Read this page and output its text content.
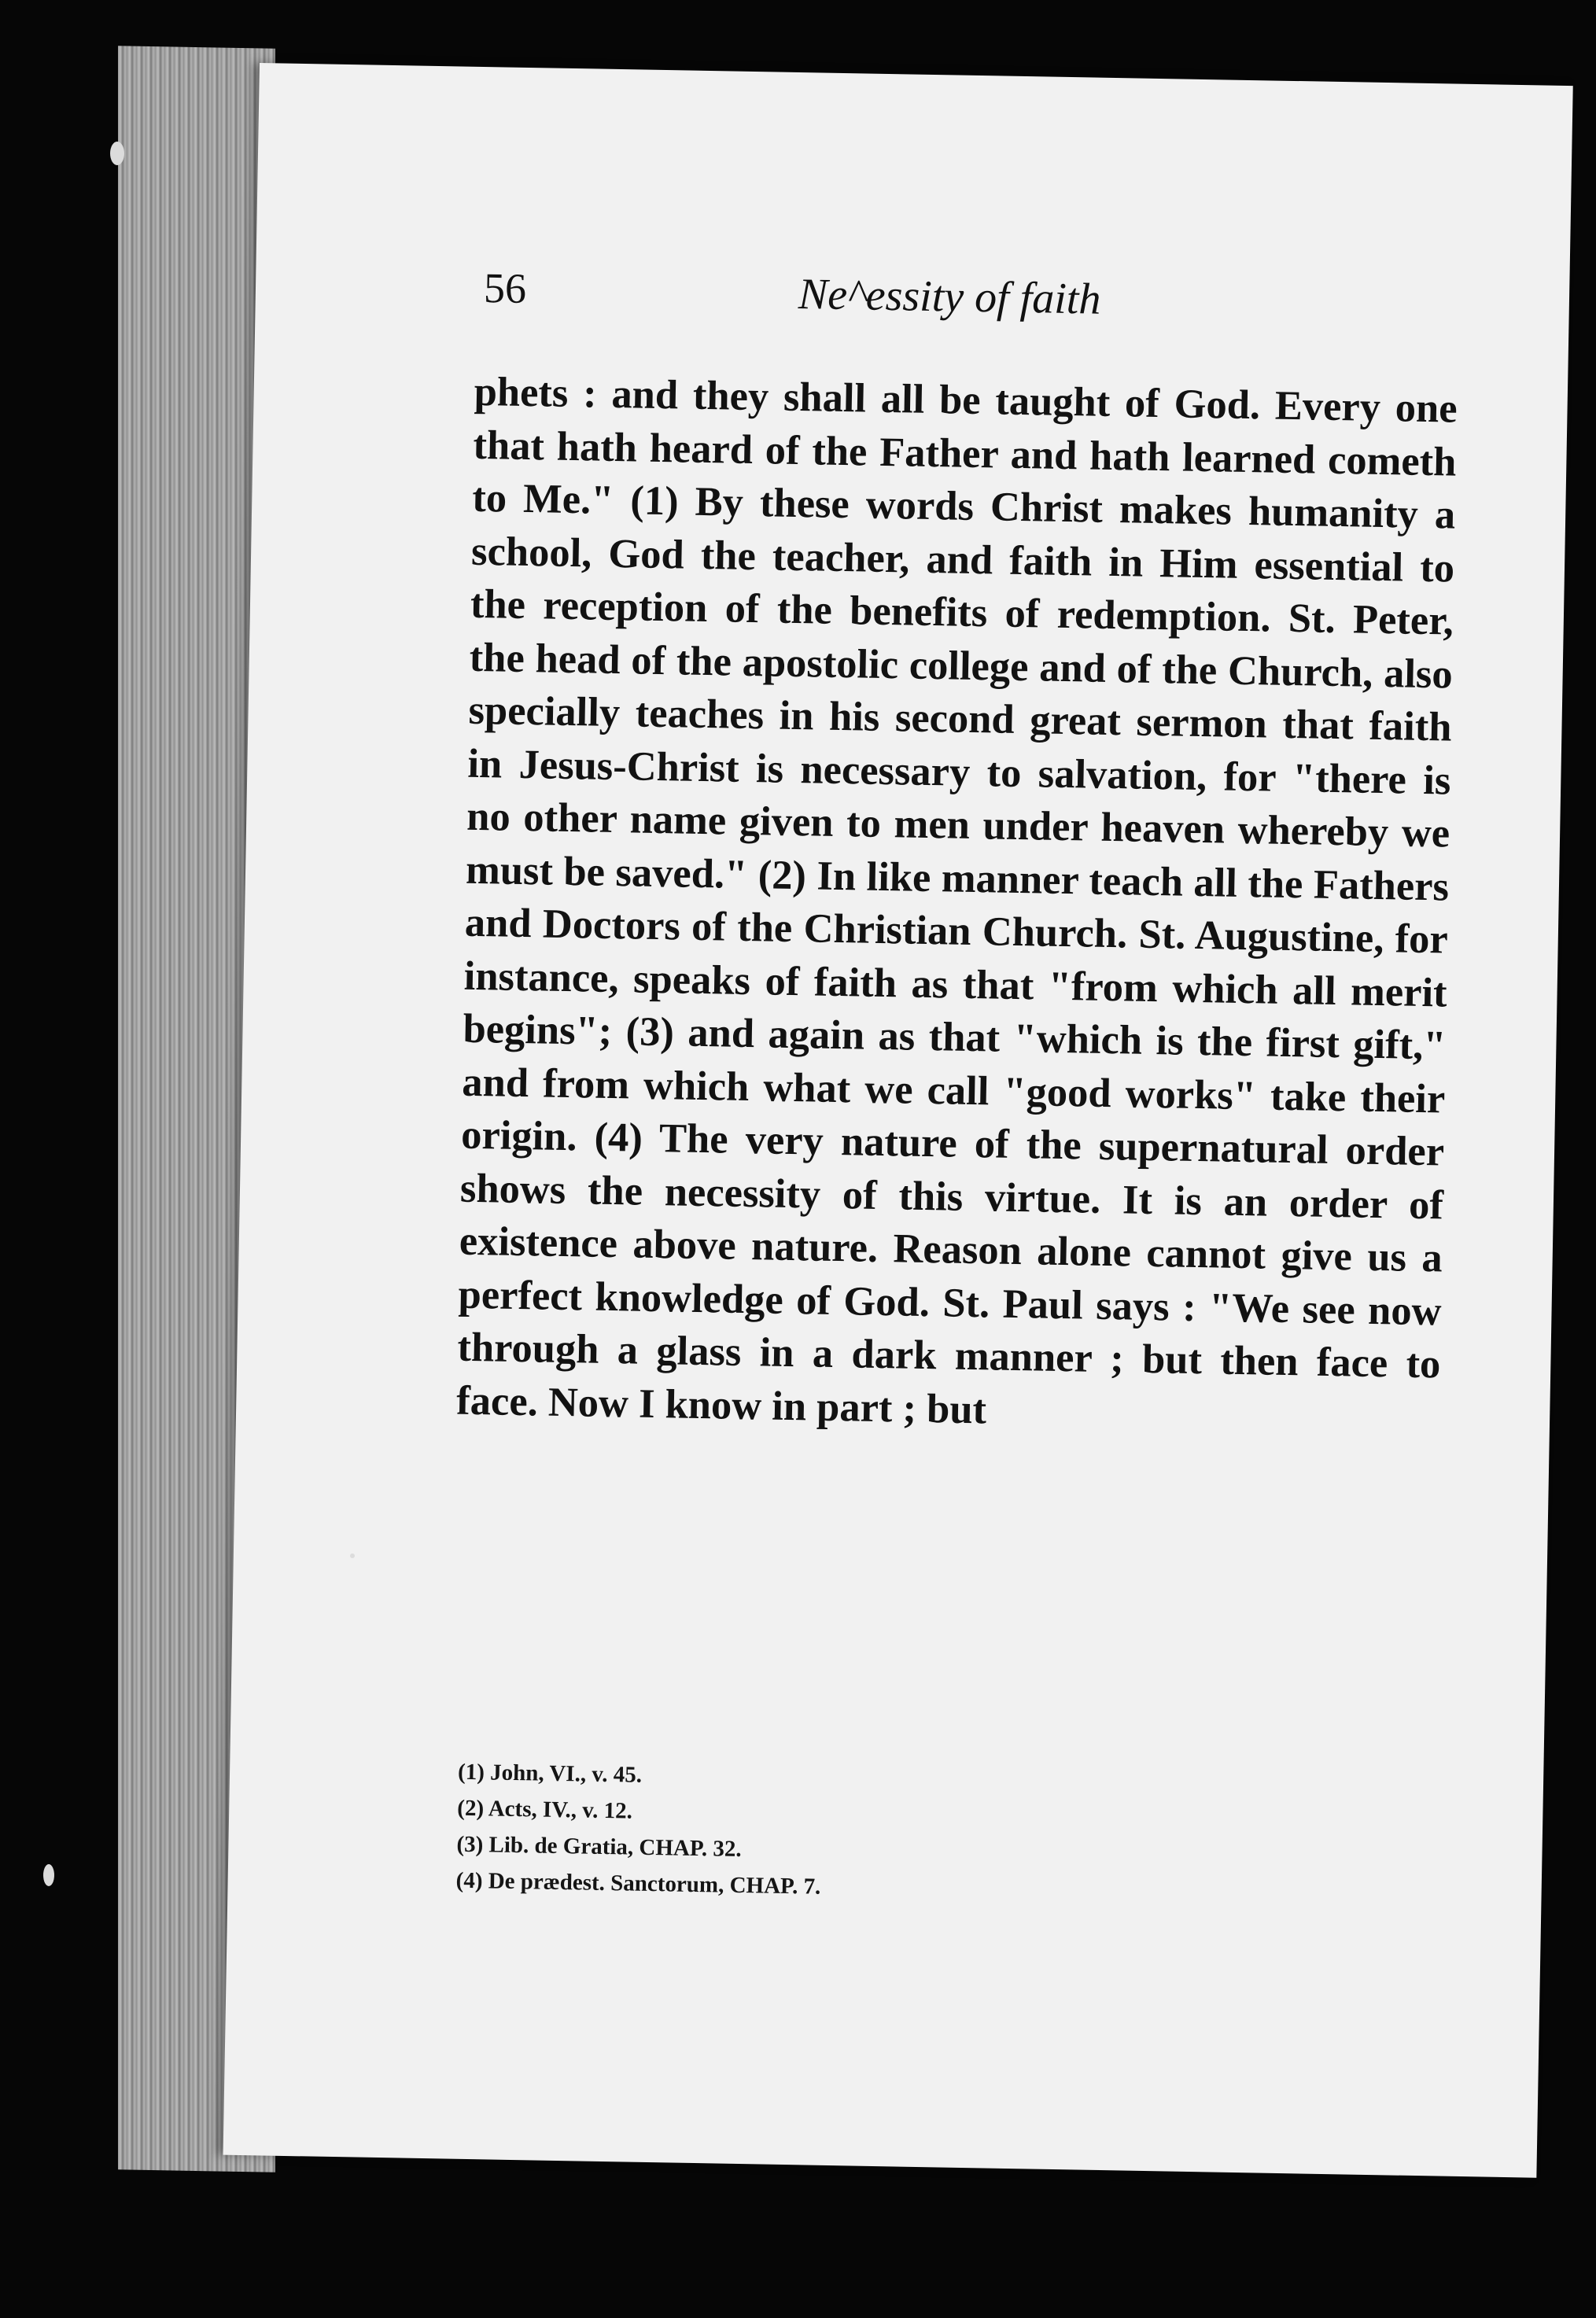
56	Ne^essity of faith

phets : and they shall all be taught of God. Every one that hath heard of the Father and hath learned cometh to Me." (1) By these words Christ makes humanity a school, God the teacher, and faith in Him essential to the reception of the benefits of redemption. St. Peter, the head of the apostolic college and of the Church, also specially teaches in his second great sermon that faith in Jesus-Christ is necessary to salvation, for "there is no other name given to men under heaven whereby we must be saved." (2) In like manner teach all the Fathers and Doctors of the Christian Church. St. Augustine, for instance, speaks of faith as that "from which all merit begins"; (3) and again as that "which is the first gift," and from which what we call "good works" take their origin. (4) The very nature of the supernatural order shows the necessity of this virtue. It is an order of existence above nature. Reason alone cannot give us a perfect knowledge of God. St. Paul says : "We see now through a glass in a dark manner ; but then face to face. Now I know in part ; but

(1) John, VI., v. 45.
(2) Acts, IV., v. 12.
(3) Lib. de Gratia, CHAP. 32.
(4) De prædest. Sanctorum, CHAP. 7.
